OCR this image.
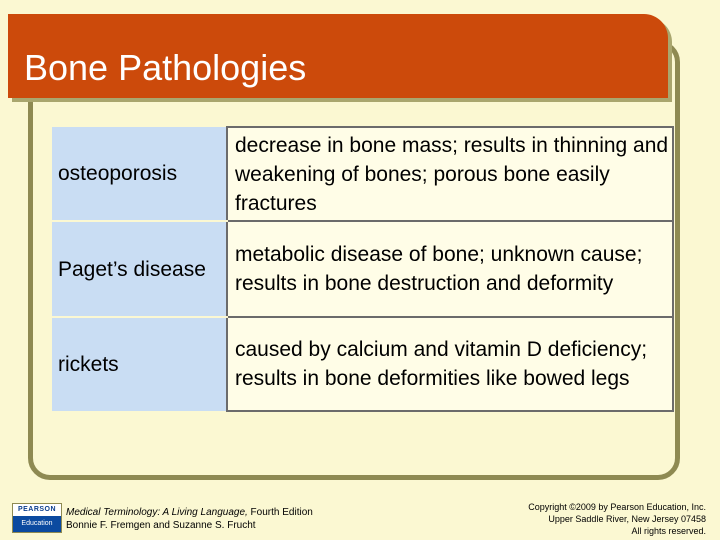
Bone Pathologies
osteoporosis	decrease in bone mass; results in thinning and weakening of bones; porous bone easily fractures
Paget’s disease	metabolic disease of bone; unknown cause; results in bone destruction and deformity
rickets	caused by calcium and vitamin D deficiency; results in bone deformities like bowed legs
PEARSON
Education
Medical Terminology: A Living Language, Fourth Edition
Bonnie F. Fremgen and Suzanne S. Frucht
Copyright ©2009 by Pearson Education, Inc.
Upper Saddle River, New Jersey 07458
All rights reserved.
